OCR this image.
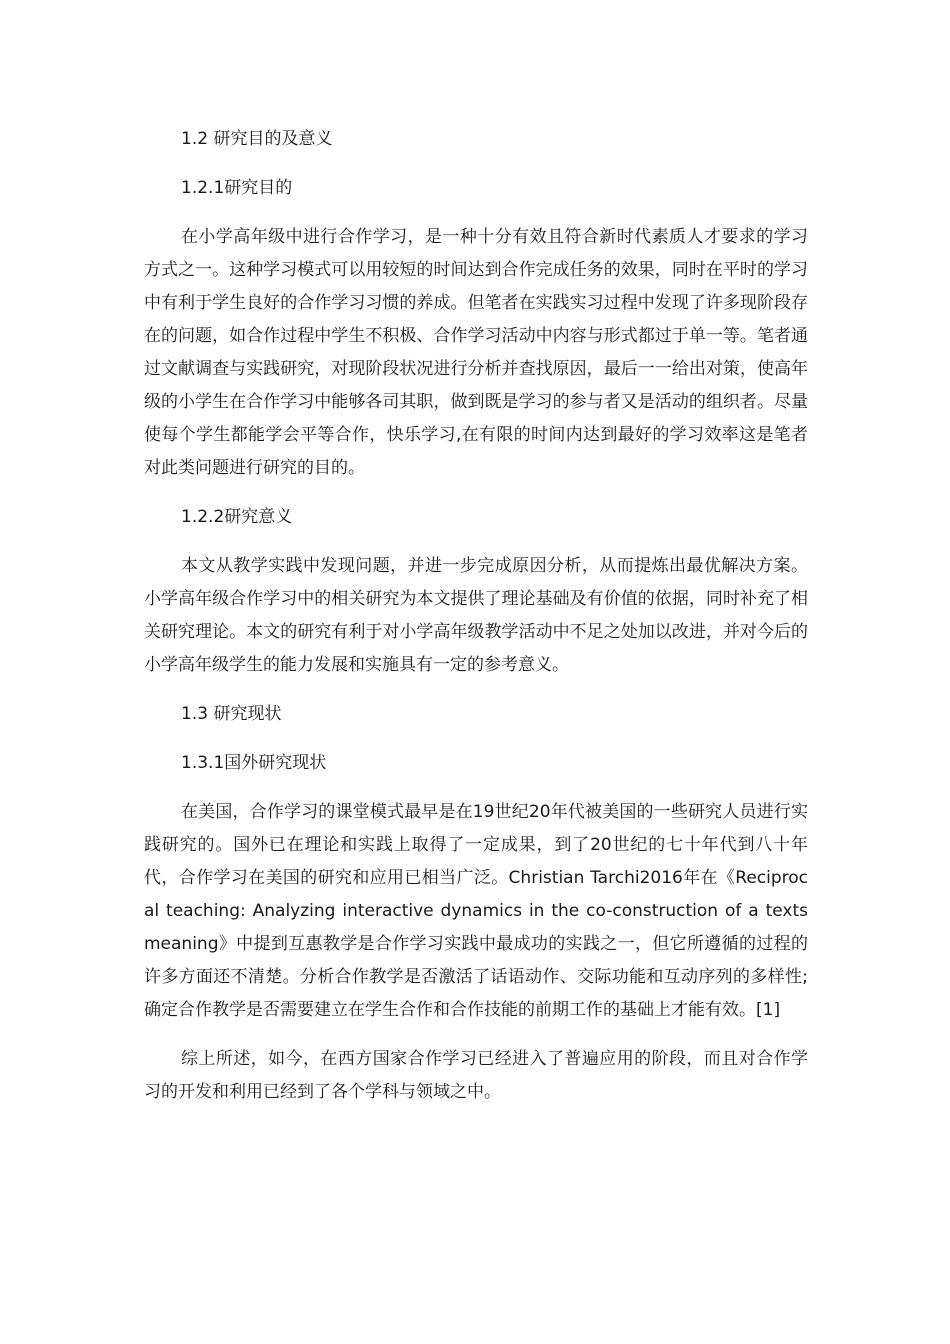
1.2 研究目的及意义

1.2.1研究目的

在小学高年级中进行合作学习，是一种十分有效且符合新时代素质人才要求的学习方式之一。这种学习模式可以用较短的时间达到合作完成任务的效果，同时在平时的学习中有利于学生良好的合作学习习惯的养成。但笔者在实践实习过程中发现了许多现阶段存在的问题，如合作过程中学生不积极、合作学习活动中内容与形式都过于单一等。笔者通过文献调查与实践研究，对现阶段状况进行分析并查找原因，最后一一给出对策，使高年级的小学生在合作学习中能够各司其职，做到既是学习的参与者又是活动的组织者。尽量使每个学生都能学会平等合作，快乐学习,在有限的时间内达到最好的学习效率这是笔者对此类问题进行研究的目的。

1.2.2研究意义

本文从教学实践中发现问题，并进一步完成原因分析，从而提炼出最优解决方案。小学高年级合作学习中的相关研究为本文提供了理论基础及有价值的依据，同时补充了相关研究理论。本文的研究有利于对小学高年级教学活动中不足之处加以改进，并对今后的小学高年级学生的能力发展和实施具有一定的参考意义。

1.3 研究现状

1.3.1国外研究现状

在美国，合作学习的课堂模式最早是在19世纪20年代被美国的一些研究人员进行实践研究的。国外已在理论和实践上取得了一定成果，到了20世纪的七十年代到八十年代，合作学习在美国的研究和应用已相当广泛。Christian Tarchi2016年在《Reciprocal teaching: Analyzing interactive dynamics in the co-construction of a texts meaning》中提到互惠教学是合作学习实践中最成功的实践之一，但它所遵循的过程的许多方面还不清楚。分析合作教学是否激活了话语动作、交际功能和互动序列的多样性;确定合作教学是否需要建立在学生合作和合作技能的前期工作的基础上才能有效。[1]

综上所述，如今，在西方国家合作学习已经进入了普遍应用的阶段，而且对合作学习的开发和利用已经到了各个学科与领域之中。
